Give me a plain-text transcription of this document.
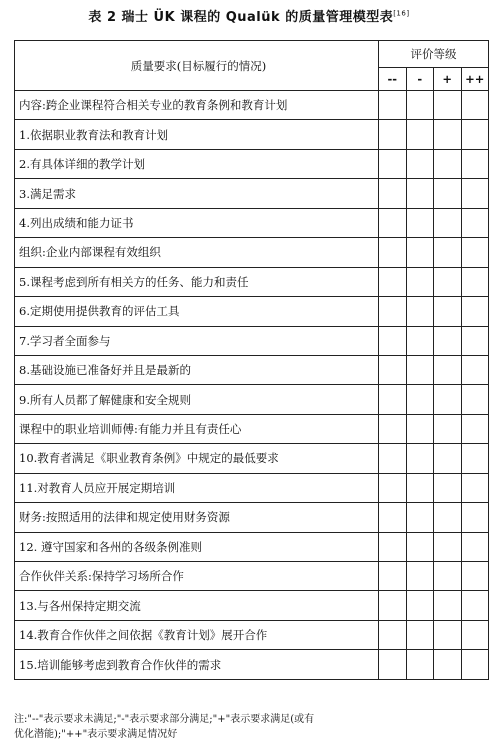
表 2 瑞士 ÜK 课程的 Qualük 的质量管理模型表[16]
质量要求(目标履行的情况)	评价等级			
	--	-	+	++
内容:跨企业课程符合相关专业的教育条例和教育计划				
1.依据职业教育法和教育计划				
2.有具体详细的教学计划				
3.满足需求				
4.列出成绩和能力证书				
组织:企业内部课程有效组织				
5.课程考虑到所有相关方的任务、能力和责任				
6.定期使用提供教育的评估工具				
7.学习者全面参与				
8.基础设施已准备好并且是最新的				
9.所有人员都了解健康和安全规则				
课程中的职业培训师傅:有能力并且有责任心				
10.教育者满足《职业教育条例》中规定的最低要求				
11.对教育人员应开展定期培训				
财务:按照适用的法律和规定使用财务资源				
12. 遵守国家和各州的各级条例准则				
合作伙伴关系:保持学习场所合作				
13.与各州保持定期交流				
14.教育合作伙伴之间依据《教育计划》展开合作				
15.培训能够考虑到教育合作伙伴的需求				
注:"--"表示要求未满足;"-"表示要求部分满足;"+"表示要求满足(或有
优化潜能);"++"表示要求满足情况好
